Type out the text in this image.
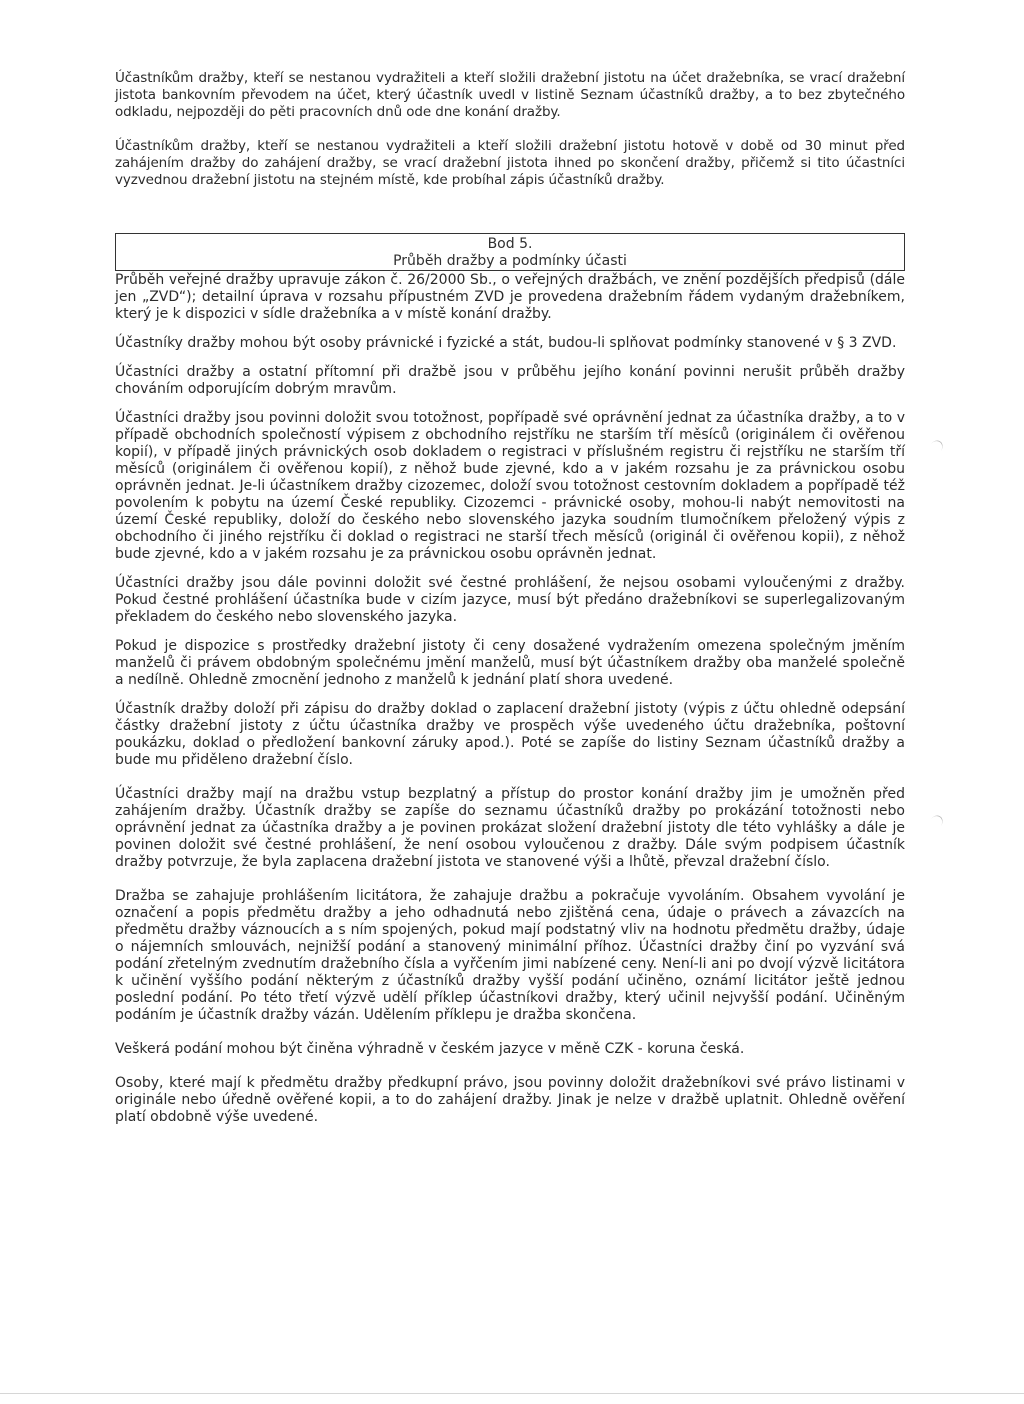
Účastníkům dražby, kteří se nestanou vydražiteli a kteří složili dražební jistotu na účet dražebníka, se vrací dražební jistota bankovním převodem na účet, který účastník uvedl v listině Seznam účastníků dražby, a to bez zbytečného odkladu, nejpozději do pěti pracovních dnů ode dne konání dražby.

Účastníkům dražby, kteří se nestanou vydražiteli a kteří složili dražební jistotu hotově v době od 30 minut před zahájením dražby do zahájení dražby, se vrací dražební jistota ihned po skončení dražby, přičemž si tito účastníci vyzvednou dražební jistotu na stejném místě, kde probíhal zápis účastníků dražby.

Bod 5.
Průběh dražby a podmínky účasti

Průběh veřejné dražby upravuje zákon č. 26/2000 Sb., o veřejných dražbách, ve znění pozdějších předpisů (dále jen „ZVD“); detailní úprava v rozsahu přípustném ZVD je provedena dražebním řádem vydaným dražebníkem, který je k dispozici v sídle dražebníka a v místě konání dražby.

Účastníky dražby mohou být osoby právnické i fyzické a stát, budou-li splňovat podmínky stanovené v § 3 ZVD.

Účastníci dražby a ostatní přítomní při dražbě jsou v průběhu jejího konání povinni nerušit průběh dražby chováním odporujícím dobrým mravům.

Účastníci dražby jsou povinni doložit svou totožnost, popřípadě své oprávnění jednat za účastníka dražby, a to v případě obchodních společností výpisem z obchodního rejstříku ne starším tří měsíců (originálem či ověřenou kopií), v případě jiných právnických osob dokladem o registraci v příslušném registru či rejstříku ne starším tří měsíců (originálem či ověřenou kopií), z něhož bude zjevné, kdo a v jakém rozsahu je za právnickou osobu oprávněn jednat. Je-li účastníkem dražby cizozemec, doloží svou totožnost cestovním dokladem a popřípadě též povolením k pobytu na území České republiky. Cizozemci - právnické osoby, mohou-li nabýt nemovitosti na území České republiky, doloží do českého nebo slovenského jazyka soudním tlumočníkem přeložený výpis z obchodního či jiného rejstříku či doklad o registraci ne starší třech měsíců (originál či ověřenou kopii), z něhož bude zjevné, kdo a v jakém rozsahu je za právnickou osobu oprávněn jednat.

Účastníci dražby jsou dále povinni doložit své čestné prohlášení, že nejsou osobami vyloučenými z dražby. Pokud čestné prohlášení účastníka bude v cizím jazyce, musí být předáno dražebníkovi se superlegalizovaným překladem do českého nebo slovenského jazyka.

Pokud je dispozice s prostředky dražební jistoty či ceny dosažené vydražením omezena společným jměním manželů či právem obdobným společnému jmění manželů, musí být účastníkem dražby oba manželé společně a nedílně. Ohledně zmocnění jednoho z manželů k jednání platí shora uvedené.

Účastník dražby doloží při zápisu do dražby doklad o zaplacení dražební jistoty (výpis z účtu ohledně odepsání částky dražební jistoty z účtu účastníka dražby ve prospěch výše uvedeného účtu dražebníka, poštovní poukázku, doklad o předložení bankovní záruky apod.). Poté se zapíše do listiny Seznam účastníků dražby a bude mu přiděleno dražební číslo.

Účastníci dražby mají na dražbu vstup bezplatný a přístup do prostor konání dražby jim je umožněn před zahájením dražby. Účastník dražby se zapíše do seznamu účastníků dražby po prokázání totožnosti nebo oprávnění jednat za účastníka dražby a je povinen prokázat složení dražební jistoty dle této vyhlášky a dále je povinen doložit své čestné prohlášení, že není osobou vyloučenou z dražby. Dále svým podpisem účastník dražby potvrzuje, že byla zaplacena dražební jistota ve stanovené výši a lhůtě, převzal dražební číslo.

Dražba se zahajuje prohlášením licitátora, že zahajuje dražbu a pokračuje vyvoláním. Obsahem vyvolání je označení a popis předmětu dražby a jeho odhadnutá nebo zjištěná cena, údaje o právech a závazcích na předmětu dražby váznoucích a s ním spojených, pokud mají podstatný vliv na hodnotu předmětu dražby, údaje o nájemních smlouvách, nejnižší podání a stanovený minimální příhoz. Účastníci dražby činí po vyzvání svá podání zřetelným zvednutím dražebního čísla a vyřčením jimi nabízené ceny. Není-li ani po dvojí výzvě licitátora k učinění vyššího podání některým z účastníků dražby vyšší podání učiněno, oznámí licitátor ještě jednou poslední podání. Po této třetí výzvě udělí příklep účastníkovi dražby, který učinil nejvyšší podání. Učiněným podáním je účastník dražby vázán. Udělením příklepu je dražba skončena.

Veškerá podání mohou být činěna výhradně v českém jazyce v měně CZK - koruna česká.

Osoby, které mají k předmětu dražby předkupní právo, jsou povinny doložit dražebníkovi své právo listinami v originále nebo úředně ověřené kopii, a to do zahájení dražby. Jinak je nelze v dražbě uplatnit. Ohledně ověření platí obdobně výše uvedené.
